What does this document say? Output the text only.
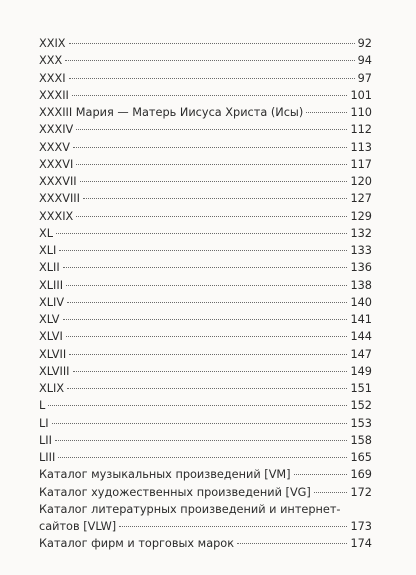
XXIX	92
XXX	94
XXXI	97
XXXII	101
XXXIII Мария — Матерь Иисуса Христа (Исы)	110
XXXIV	112
XXXV	113
XXXVI	117
XXXVII	120
XXXVIII	127
XXXIX	129
XL	132
XLI	133
XLII	136
XLIII	138
XLIV	140
XLV	141
XLVI	144
XLVII	147
XLVIII	149
XLIX	151
L	152
LI	153
LII	158
LIII	165
Каталог музыкальных произведений [VM]	169
Каталог художественных произведений [VG]	172
Каталог литературных произведений и интернет-
сайтов [VLW]	173
Каталог фирм и торговых марок	174
